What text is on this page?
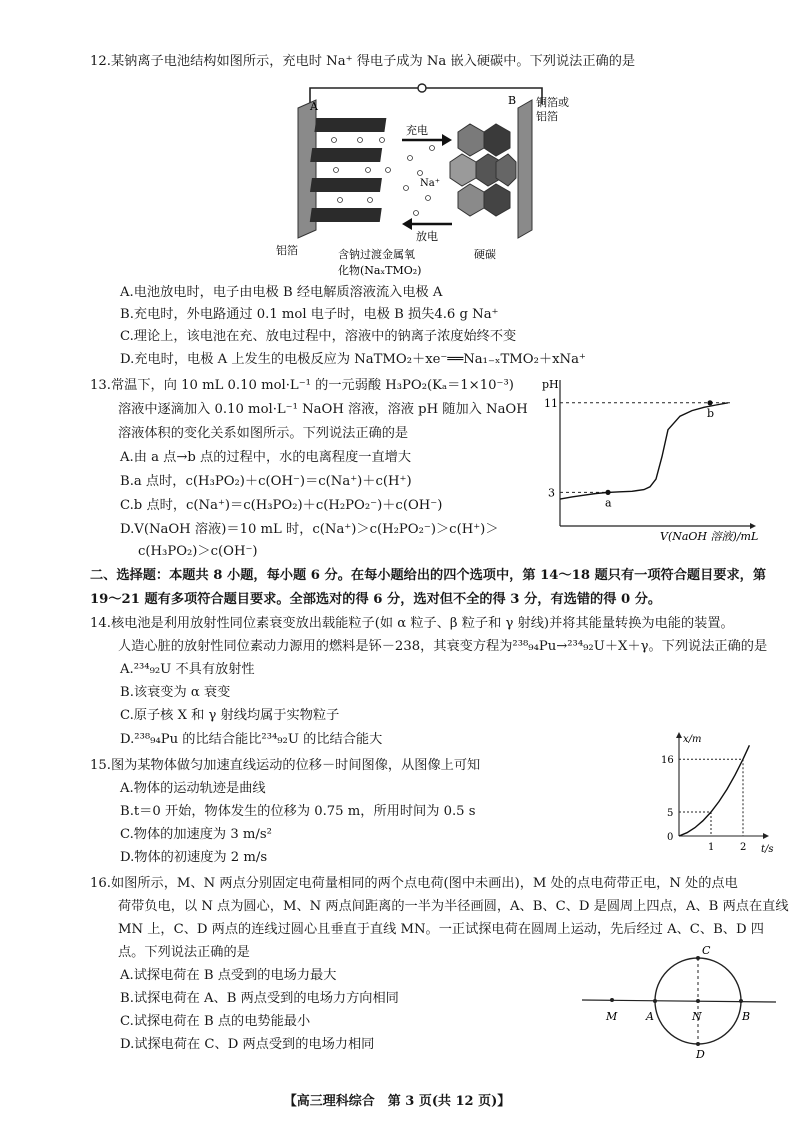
12.某钠离子电池结构如图所示，充电时 Na⁺ 得电子成为 Na 嵌入硬碳中。下列说法正确的是
A	B 铜箔或
铝箔
充电
Na⁺
放电
铝箔	含钠过渡金属氧
化物(NaₓTMO₂)
硬碳
A.电池放电时，电子由电极 B 经电解质溶液流入电极 A
B.充电时，外电路通过 0.1 mol 电子时，电极 B 损失4.6 g Na⁺
C.理论上，该电池在充、放电过程中，溶液中的钠离子浓度始终不变
D.充电时，电极 A 上发生的电极反应为 NaTMO₂＋xe⁻══Na₁₋ₓTMO₂＋xNa⁺
13.常温下，向 10 mL 0.10 mol·L⁻¹ 的一元弱酸 H₃PO₂(Kₐ＝1×10⁻³)
溶液中逐滴加入 0.10 mol·L⁻¹ NaOH 溶液，溶液 pH 随加入 NaOH
溶液体积的变化关系如图所示。下列说法正确的是
A.由 a 点→b 点的过程中，水的电离程度一直增大
B.a 点时，c(H₃PO₂)＋c(OH⁻)＝c(Na⁺)＋c(H⁺)
C.b 点时，c(Na⁺)＝c(H₃PO₂)＋c(H₂PO₂⁻)＋c(OH⁻)
D.V(NaOH 溶液)＝10 mL 时，c(Na⁺)＞c(H₂PO₂⁻)＞c(H⁺)＞
c(H₃PO₂)＞c(OH⁻)
pH
V(NaOH 溶液)/mL
11
3
a
b
二、选择题：本题共 8 小题，每小题 6 分。在每小题给出的四个选项中，第 14～18 题只有一项符合题目要求，第
19～21 题有多项符合题目要求。全部选对的得 6 分，选对但不全的得 3 分，有选错的得 0 分。
14.核电池是利用放射性同位素衰变放出载能粒子(如 α 粒子、β 粒子和 γ 射线)并将其能量转换为电能的装置。
人造心脏的放射性同位素动力源用的燃料是钚－238，其衰变方程为²³⁸₉₄Pu→²³⁴₉₂U＋X＋γ。下列说法正确的是
A.²³⁴₉₂U 不具有放射性
B.该衰变为 α 衰变
C.原子核 X 和 γ 射线均属于实物粒子
D.²³⁸₉₄Pu 的比结合能比²³⁴₉₂U 的比结合能大
15.图为某物体做匀加速直线运动的位移－时间图像，从图像上可知
A.物体的运动轨迹是曲线
B.t＝0 开始，物体发生的位移为 0.75 m，所用时间为 0.5 s
C.物体的加速度为 3 m/s²
D.物体的初速度为 2 m/s
x/m
t/s
16
5
0
1	2
16.如图所示，M、N 两点分别固定电荷量相同的两个点电荷(图中未画出)，M 处的点电荷带正电，N 处的点电
荷带负电，以 N 点为圆心，M、N 两点间距离的一半为半径画圆，A、B、C、D 是圆周上四点，A、B 两点在直线
MN 上，C、D 两点的连线过圆心且垂直于直线 MN。一正试探电荷在圆周上运动，先后经过 A、C、B、D 四
点。下列说法正确的是
A.试探电荷在 B 点受到的电场力最大
B.试探电荷在 A、B 两点受到的电场力方向相同
C.试探电荷在 B 点的电势能最小
D.试探电荷在 C、D 两点受到的电场力相同
M	A	N	B
C
D
【高三理科综合　第 3 页(共 12 页)】
